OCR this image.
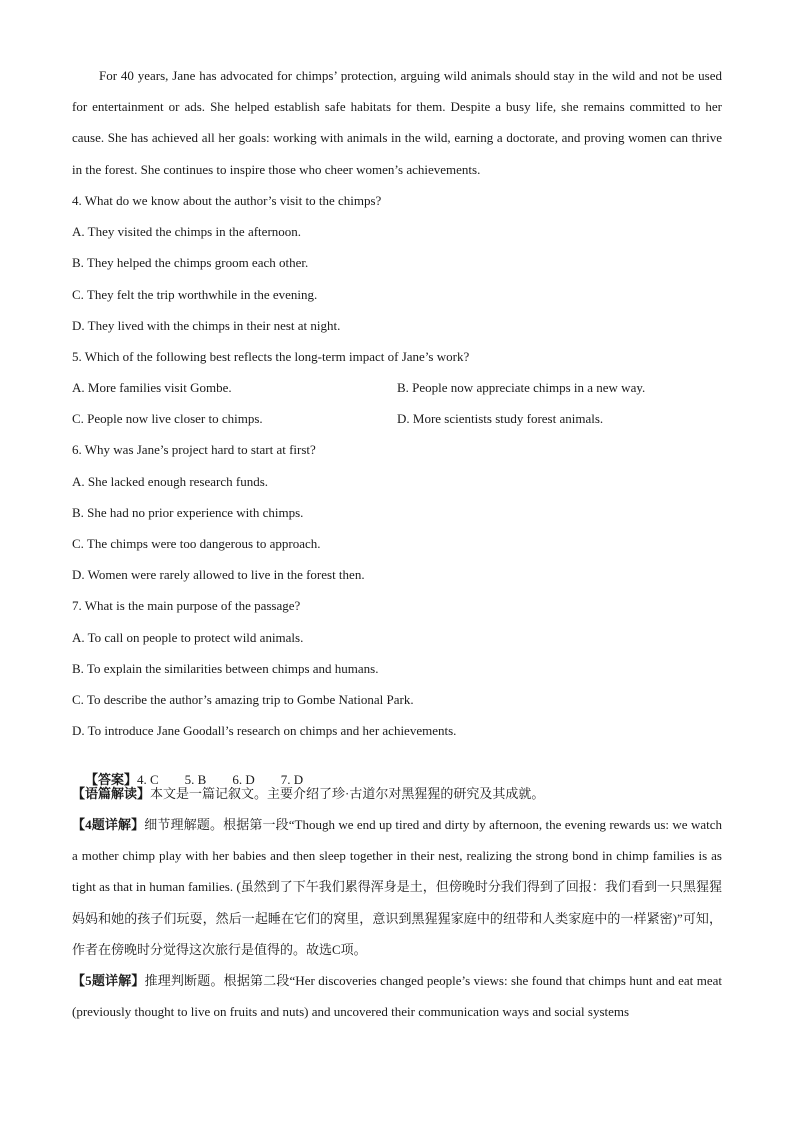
For 40 years, Jane has advocated for chimps’ protection, arguing wild animals should stay in the wild and not be used for entertainment or ads. She helped establish safe habitats for them. Despite a busy life, she remains committed to her cause. She has achieved all her goals: working with animals in the wild, earning a doctorate, and proving women can thrive in the forest. She continues to inspire those who cheer women’s achievements.
4. What do we know about the author’s visit to the chimps?
A. They visited the chimps in the afternoon.
B. They helped the chimps groom each other.
C. They felt the trip worthwhile in the evening.
D. They lived with the chimps in their nest at night.
5. Which of the following best reflects the long-term impact of Jane’s work?
A. More families visit Gombe.	B. People now appreciate chimps in a new way.
C. People now live closer to chimps.	D. More scientists study forest animals.
6. Why was Jane’s project hard to start at first?
A. She lacked enough research funds.
B. She had no prior experience with chimps.
C. The chimps were too dangerous to approach.
D. Women were rarely allowed to live in the forest then.
7. What is the main purpose of the passage?
A. To call on people to protect wild animals.
B. To explain the similarities between chimps and humans.
C. To describe the author’s amazing trip to Gombe National Park.
D. To introduce Jane Goodall’s research on chimps and her achievements.

【答案】4. C        5. B        6. D        7. D

【语篇解读】本文是一篇记叙文。主要介绍了珍·古道尔对黑猩猩的研究及其成就。
【4题详解】细节理解题。根据第一段“Though we end up tired and dirty by afternoon, the evening rewards us: we watch a mother chimp play with her babies and then sleep together in their nest, realizing the strong bond in chimp families is as tight as that in human families. (虽然到了下午我们累得浑身是土，但傍晚时分我们得到了回报：我们看到一只黑猩猩妈妈和她的孩子们玩耍，然后一起睡在它们的窝里，意识到黑猩猩家庭中的纽带和人类家庭中的一样紧密)”可知，作者在傍晚时分觉得这次旅行是值得的。故选C项。
【5题详解】推理判断题。根据第二段“Her discoveries changed people’s views: she found that chimps hunt and eat meat (previously thought to live on fruits and nuts) and uncovered their communication ways and social systems
